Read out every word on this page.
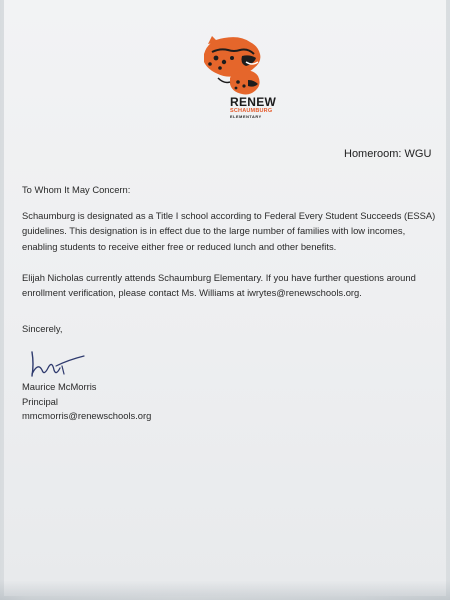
RENEW
SCHAUMBURG
ELEMENTARY
Homeroom: WGU
To Whom It May Concern:
Schaumburg is designated as a Title I school according to Federal Every Student Succeeds (ESSA)
guidelines. This designation is in effect due to the large number of families with low incomes,
enabling students to receive either free or reduced lunch and other benefits.
Elijah Nicholas currently attends Schaumburg Elementary. If you have further questions around
enrollment verification, please contact Ms. Williams at iwrytes@renewschools.org.
Sincerely,
Maurice McMorris
Principal
mmcmorris@renewschools.org
